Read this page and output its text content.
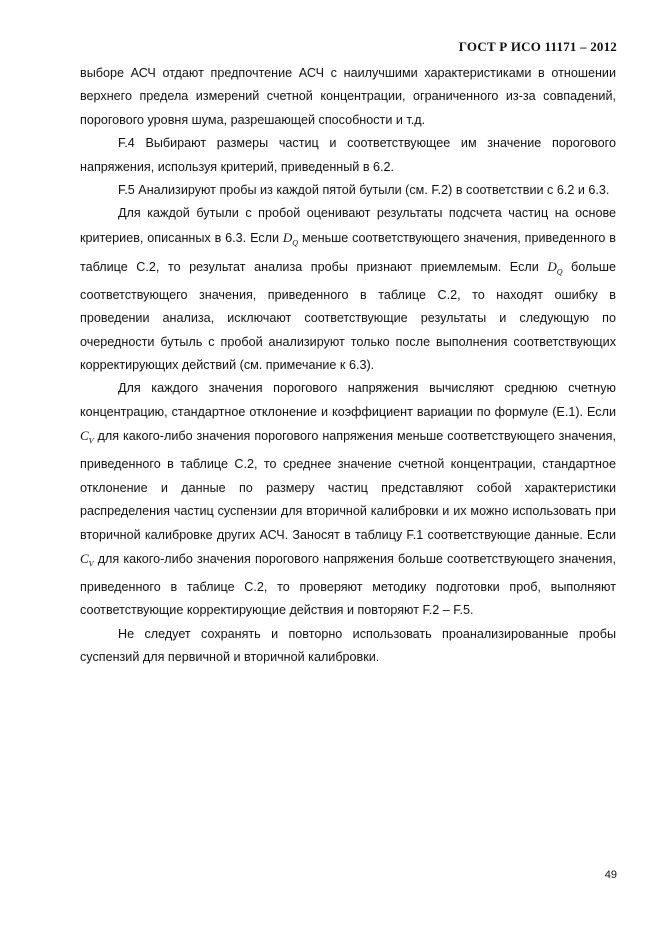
ГОСТ Р ИСО 11171 – 2012

выборе АСЧ отдают предпочтение АСЧ с наилучшими характеристиками в отношении верхнего предела измерений счетной концентрации, ограниченного из-за совпадений, порогового уровня шума, разрешающей способности и т.д.

F.4 Выбирают размеры частиц и соответствующее им значение порогового напряжения, используя критерий, приведенный в 6.2.

F.5 Анализируют пробы из каждой пятой бутыли (см. F.2) в соответствии с 6.2 и 6.3.

Для каждой бутыли с пробой оценивают результаты подсчета частиц на основе критериев, описанных в 6.3. Если $D_Q$ меньше соответствующего значения, приведенного в таблице С.2, то результат анализа пробы признают приемлемым. Если $D_Q$ больше соответствующего значения, приведенного в таблице С.2, то находят ошибку в проведении анализа, исключают соответствующие результаты и следующую по очередности бутыль с пробой анализируют только после выполнения соответствующих корректирующих действий (см. примечание к 6.3).

Для каждого значения порогового напряжения вычисляют среднюю счетную концентрацию, стандартное отклонение и коэффициент вариации по формуле (Е.1). Если $C_V$ для какого-либо значения порогового напряжения меньше соответствующего значения, приведенного в таблице С.2, то среднее значение счетной концентрации, стандартное отклонение и данные по размеру частиц представляют собой характеристики распределения частиц суспензии для вторичной калибровки и их можно использовать при вторичной калибровке других АСЧ. Заносят в таблицу F.1 соответствующие данные. Если $C_V$ для какого-либо значения порогового напряжения больше соответствующего значения, приведенного в таблице С.2, то проверяют методику подготовки проб, выполняют соответствующие корректирующие действия и повторяют F.2 – F.5.

Не следует сохранять и повторно использовать проанализированные пробы суспензий для первичной и вторичной калибровки.

49
